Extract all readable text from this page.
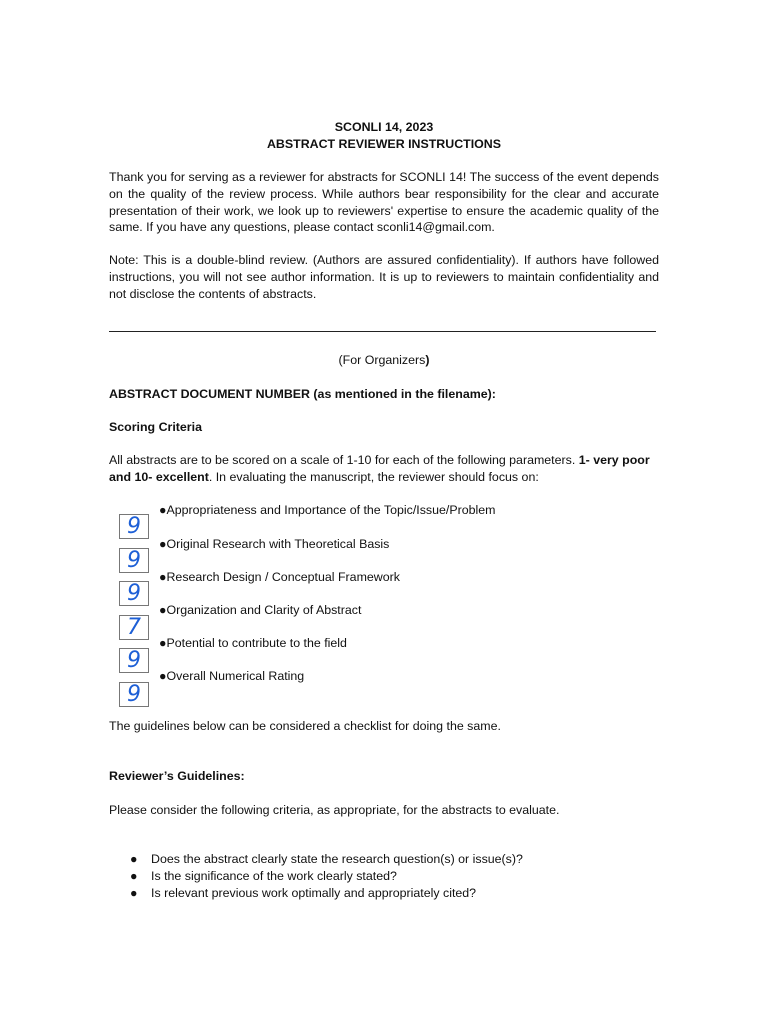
SCONLI 14, 2023
ABSTRACT REVIEWER INSTRUCTIONS
Thank you for serving as a reviewer for abstracts for SCONLI 14! The success of the event depends on the quality of the review process. While authors bear responsibility for the clear and accurate presentation of their work, we look up to reviewers' expertise to ensure the academic quality of the same. If you have any questions, please contact sconli14@gmail.com.
Note: This is a double-blind review. (Authors are assured confidentiality). If authors have followed instructions, you will not see author information. It is up to reviewers to maintain confidentiality and not disclose the contents of abstracts.
(For Organizers)
ABSTRACT DOCUMENT NUMBER (as mentioned in the filename):
Scoring Criteria
All abstracts are to be scored on a scale of 1-10 for each of the following parameters. 1- very poor and 10- excellent. In evaluating the manuscript, the reviewer should focus on:
●Appropriateness and Importance of the Topic/Issue/Problem
●Original Research with Theoretical Basis
●Research Design / Conceptual Framework
●Organization and Clarity of Abstract
●Potential to contribute to the field
●Overall Numerical Rating
9
9
9
7
9
9
The guidelines below can be considered a checklist for doing the same.
Reviewer’s Guidelines:
Please consider the following criteria, as appropriate, for the abstracts to evaluate.
● Does the abstract clearly state the research question(s) or issue(s)?
● Is the significance of the work clearly stated?
● Is relevant previous work optimally and appropriately cited?
